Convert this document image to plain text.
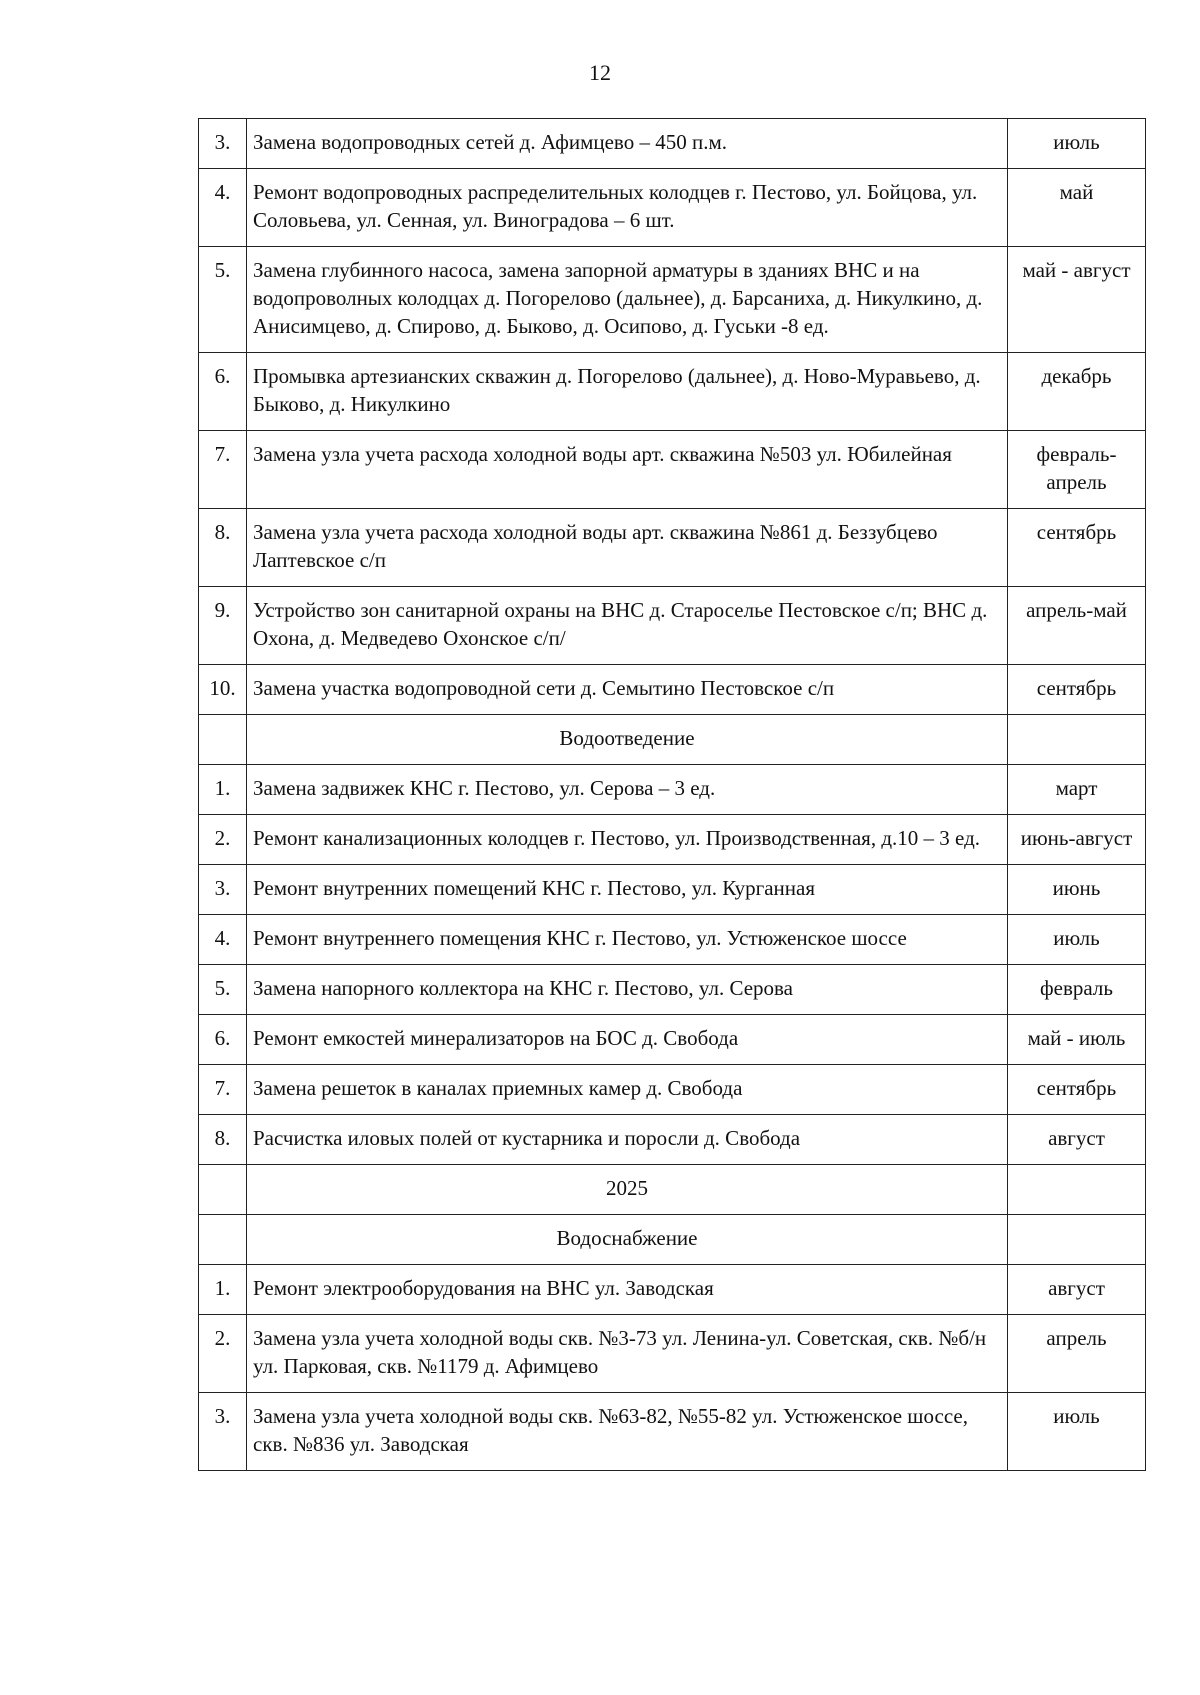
12
3.	Замена водопроводных сетей д. Афимцево – 450 п.м.	июль
4.	Ремонт водопроводных распределительных колодцев г. Пестово, ул. Бойцова, ул. Соловьева, ул. Сенная, ул. Виноградова – 6 шт.	май
5.	Замена глубинного насоса, замена запорной арматуры в зданиях ВНС и на водопроволных колодцах д. Погорелово (дальнее), д. Барсаниха, д. Никулкино, д. Анисимцево, д. Спирово, д. Быково, д. Осипово, д. Гуськи -8 ед.	май - август
6.	Промывка артезианских скважин д. Погорелово (дальнее), д. Ново-Муравьево, д. Быково, д. Никулкино	декабрь
7.	Замена узла учета расхода холодной воды арт. скважина №503 ул. Юбилейная	февраль-апрель
8.	Замена узла учета расхода холодной воды арт. скважина №861 д. Беззубцево Лаптевское с/п	сентябрь
9.	Устройство зон санитарной охраны на ВНС д. Староселье Пестовское с/п; ВНС д. Охона, д. Медведево Охонское с/п/	апрель-май
10.	Замена участка водопроводной сети д. Семытино Пестовское с/п	сентябрь
	Водоотведение	
1.	Замена задвижек КНС г. Пестово, ул. Серова – 3 ед.	март
2.	Ремонт канализационных колодцев г. Пестово, ул. Производственная, д.10 – 3 ед.	июнь-август
3.	Ремонт внутренних помещений КНС г. Пестово, ул. Курганная	июнь
4.	Ремонт внутреннего помещения КНС г. Пестово, ул. Устюженское шоссе	июль
5.	Замена напорного коллектора на КНС г. Пестово, ул. Серова	февраль
6.	Ремонт емкостей минерализаторов на БОС д. Свобода	май - июль
7.	Замена решеток в каналах приемных камер д. Свобода	сентябрь
8.	Расчистка иловых полей от кустарника и поросли д. Свобода	август
	2025	
	Водоснабжение	
1.	Ремонт электрооборудования на ВНС ул. Заводская	август
2.	Замена узла учета холодной воды скв. №3-73 ул. Ленина-ул. Советская, скв. №б/н ул. Парковая, скв. №1179 д. Афимцево	апрель
3.	Замена узла учета холодной воды скв. №63-82, №55-82 ул. Устюженское шоссе, скв. №836 ул. Заводская	июль
